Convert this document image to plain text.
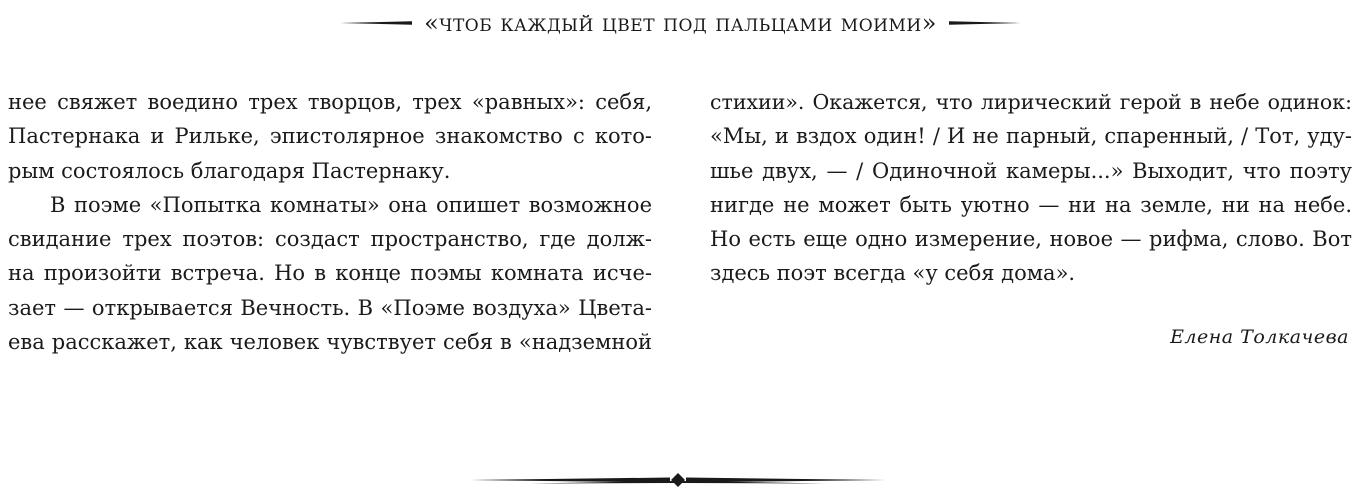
«чтоб каждый цвет под пальцами моими»
нее свяжет воедино трех творцов, трех «равных»: себя,
Пастернака и Рильке, эпистолярное знакомство с кото-
рым состоялось благодаря Пастернаку.
В поэме «Попытка комнаты» она опишет возможное
свидание трех поэтов: создаст пространство, где долж-
на произойти встреча. Но в конце поэмы комната исче-
зает — открывается Вечность. В «Поэме воздуха» Цвета-
ева расскажет, как человек чувствует себя в «надземной
стихии». Окажется, что лирический герой в небе одинок:
«Мы, и вздох один! / И не парный, спаренный, / Тот, уду-
шье двух, — / Одиночной камеры...» Выходит, что поэту
нигде не может быть уютно — ни на земле, ни на небе.
Но есть еще одно измерение, новое — рифма, слово. Вот
здесь поэт всегда «у себя дома».
Елена Толкачева
